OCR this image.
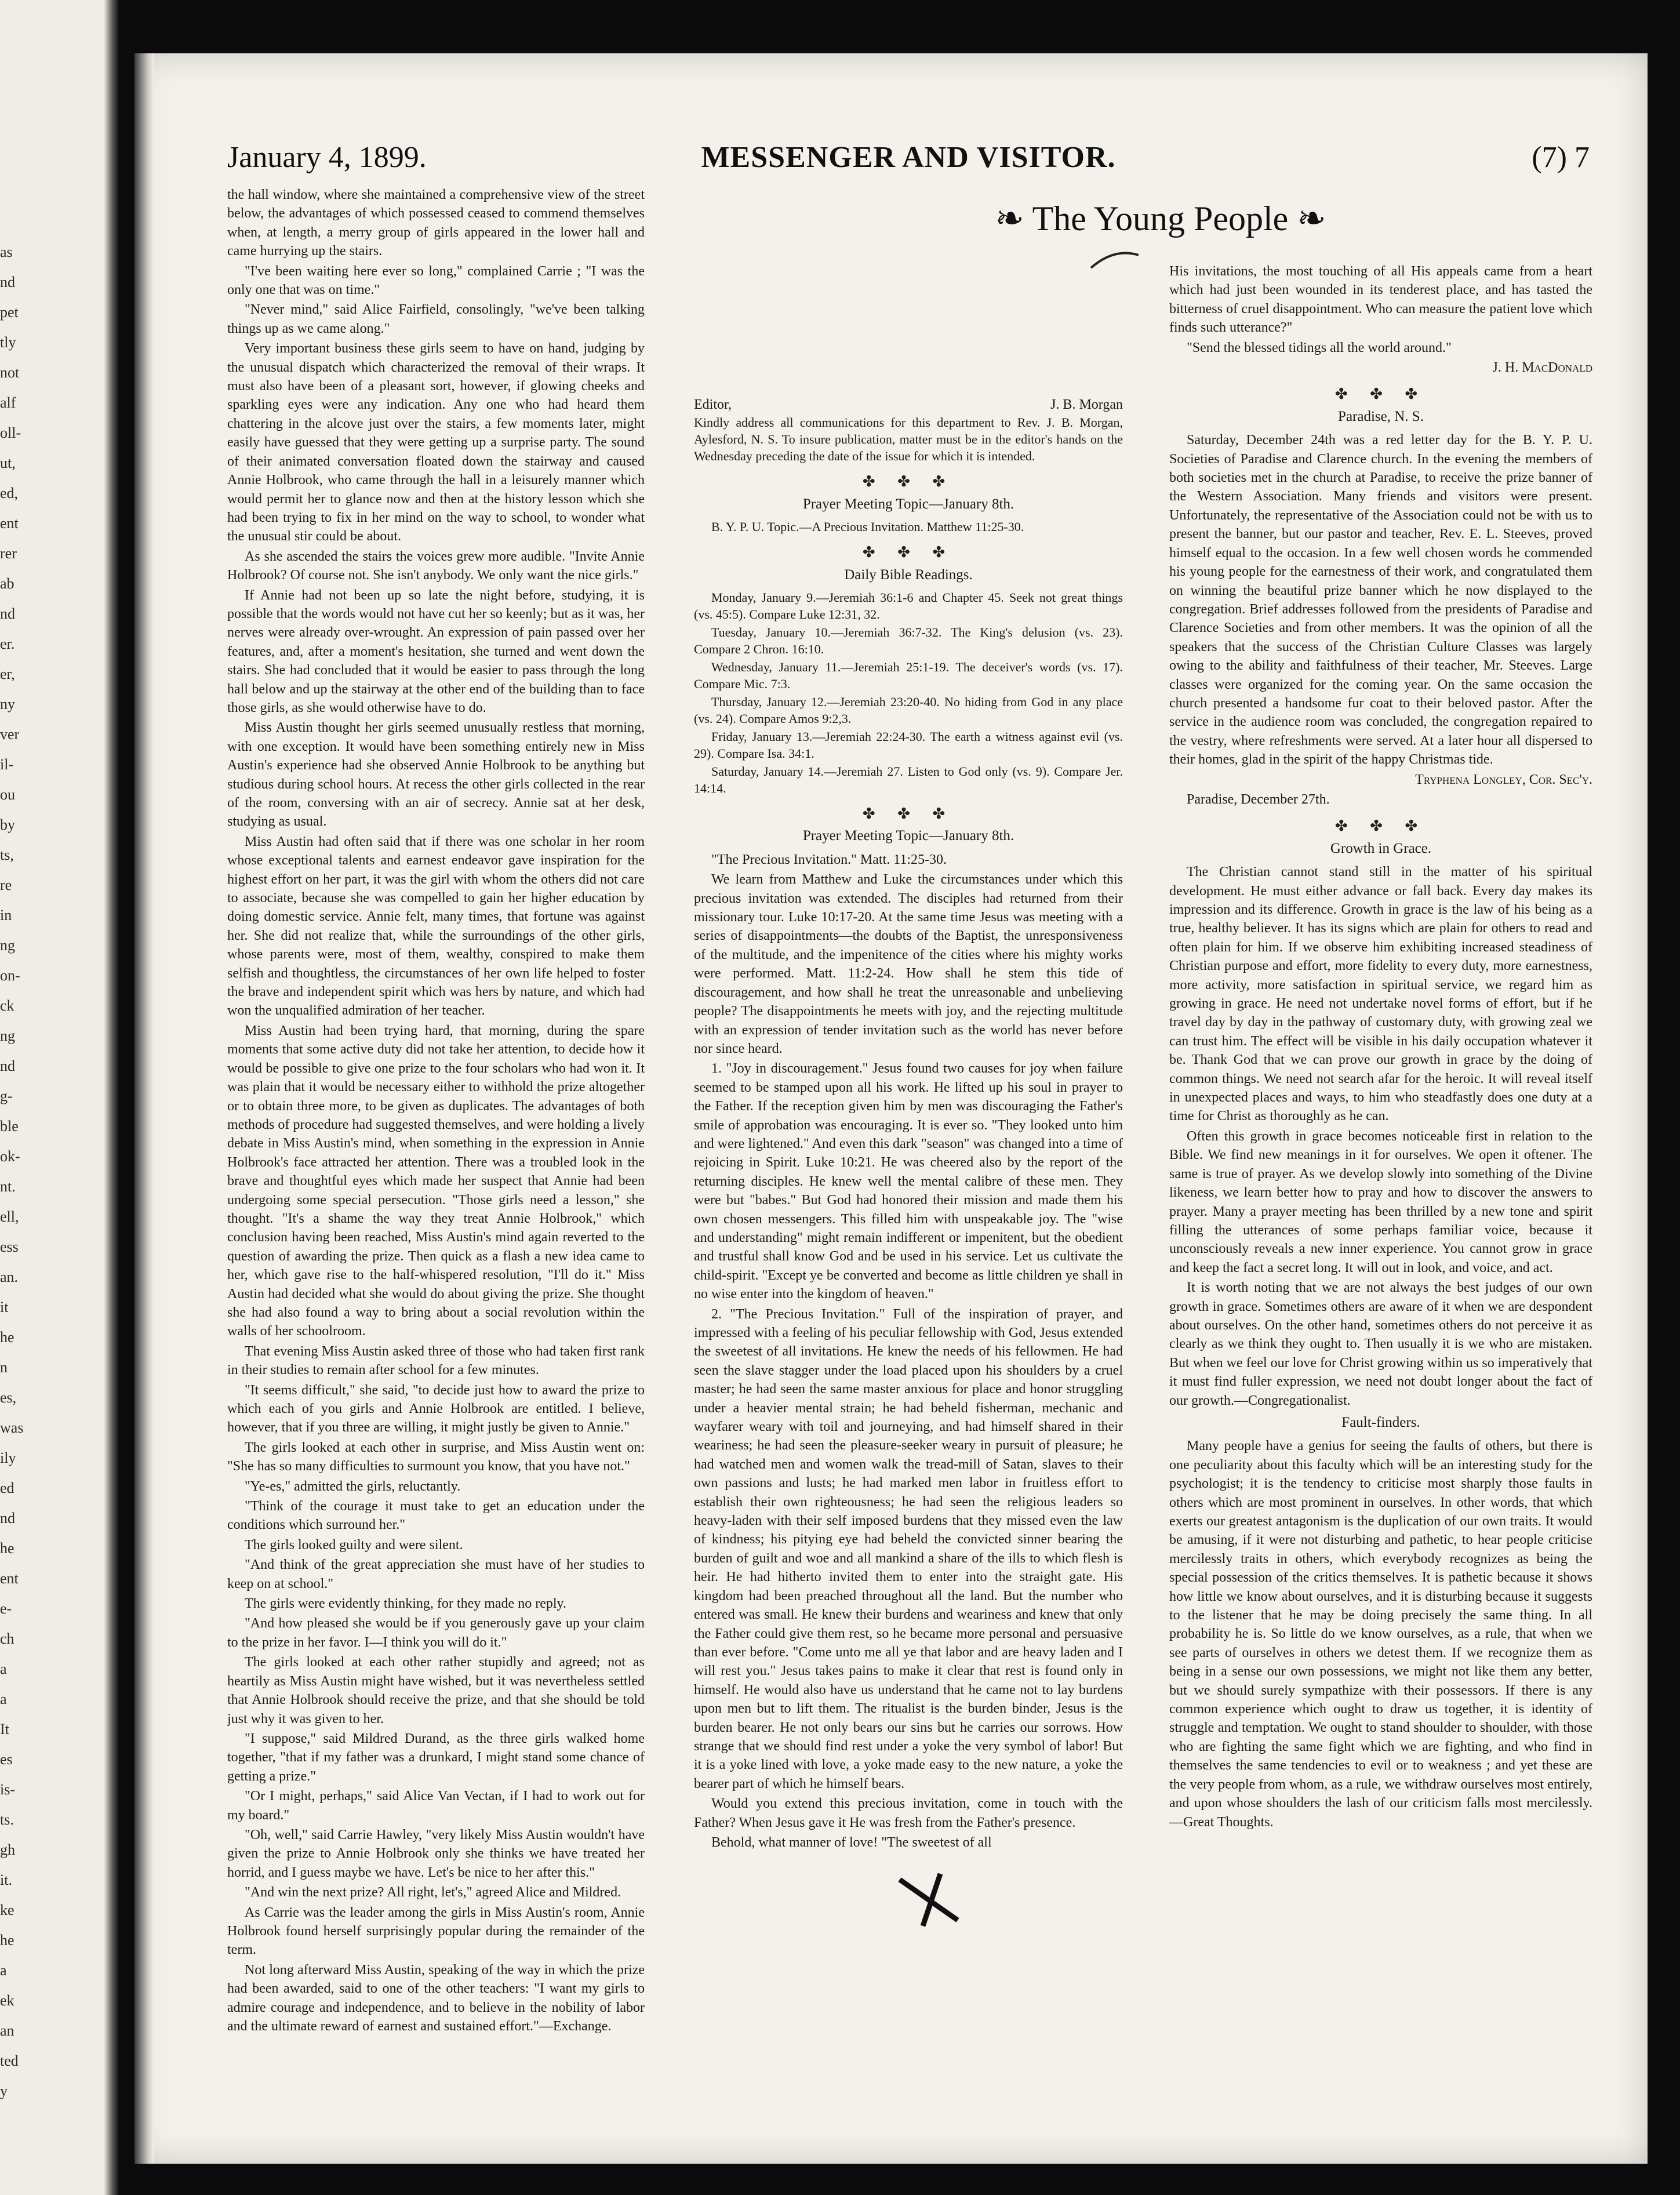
as
nd
pet
tly
not
alf
oll-
ut,
ed,
ent
rer
ab
nd
er.
er,
ny
ver
il-
ou
by
ts,
re
in
ng
on-
ck
ng
nd
g-
ble
ok-
nt.
ell,
ess
an.
it
he
n
es,
was
ily
ed
nd
he
ent
e-
ch
a
a
It
es
is-
ts.
gh
it.
ke
he
a
ek
an
ted
y
January 4, 1899.	MESSENGER AND VISITOR.	(7) 7
❧ The Young People ❧

the hall window, where she maintained a comprehensive view of the street below, the advantages of which possessed ceased to commend themselves when, at length, a merry group of girls appeared in the lower hall and came hurrying up the stairs.

"I've been waiting here ever so long," complained Carrie ; "I was the only one that was on time."

"Never mind," said Alice Fairfield, consolingly, "we've been talking things up as we came along."

Very important business these girls seem to have on hand, judging by the unusual dispatch which characterized the removal of their wraps. It must also have been of a pleasant sort, however, if glowing cheeks and sparkling eyes were any indication. Any one who had heard them chattering in the alcove just over the stairs, a few moments later, might easily have guessed that they were getting up a surprise party. The sound of their animated conversation floated down the stairway and caused Annie Holbrook, who came through the hall in a leisurely manner which would permit her to glance now and then at the history lesson which she had been trying to fix in her mind on the way to school, to wonder what the unusual stir could be about.

As she ascended the stairs the voices grew more audible. "Invite Annie Holbrook? Of course not. She isn't anybody. We only want the nice girls."

If Annie had not been up so late the night before, studying, it is possible that the words would not have cut her so keenly; but as it was, her nerves were already over-wrought. An expression of pain passed over her features, and, after a moment's hesitation, she turned and went down the stairs. She had concluded that it would be easier to pass through the long hall below and up the stairway at the other end of the building than to face those girls, as she would otherwise have to do.

Miss Austin thought her girls seemed unusually restless that morning, with one exception. It would have been something entirely new in Miss Austin's experience had she observed Annie Holbrook to be anything but studious during school hours. At recess the other girls collected in the rear of the room, conversing with an air of secrecy. Annie sat at her desk, studying as usual.

Miss Austin had often said that if there was one scholar in her room whose exceptional talents and earnest endeavor gave inspiration for the highest effort on her part, it was the girl with whom the others did not care to associate, because she was compelled to gain her higher education by doing domestic service. Annie felt, many times, that fortune was against her. She did not realize that, while the surroundings of the other girls, whose parents were, most of them, wealthy, conspired to make them selfish and thoughtless, the circumstances of her own life helped to foster the brave and independent spirit which was hers by nature, and which had won the unqualified admiration of her teacher.

Miss Austin had been trying hard, that morning, during the spare moments that some active duty did not take her attention, to decide how it would be possible to give one prize to the four scholars who had won it. It was plain that it would be necessary either to withhold the prize altogether or to obtain three more, to be given as duplicates. The advantages of both methods of procedure had suggested themselves, and were holding a lively debate in Miss Austin's mind, when something in the expression in Annie Holbrook's face attracted her attention. There was a troubled look in the brave and thoughtful eyes which made her suspect that Annie had been undergoing some special persecution. "Those girls need a lesson," she thought. "It's a shame the way they treat Annie Holbrook," which conclusion having been reached, Miss Austin's mind again reverted to the question of awarding the prize. Then quick as a flash a new idea came to her, which gave rise to the half-whispered resolution, "I'll do it." Miss Austin had decided what she would do about giving the prize. She thought she had also found a way to bring about a social revolution within the walls of her schoolroom.

That evening Miss Austin asked three of those who had taken first rank in their studies to remain after school for a few minutes.

"It seems difficult," she said, "to decide just how to award the prize to which each of you girls and Annie Holbrook are entitled. I believe, however, that if you three are willing, it might justly be given to Annie."

The girls looked at each other in surprise, and Miss Austin went on: "She has so many difficulties to surmount you know, that you have not."

"Ye-es," admitted the girls, reluctantly.

"Think of the courage it must take to get an education under the conditions which surround her."

The girls looked guilty and were silent.

"And think of the great appreciation she must have of her studies to keep on at school."

The girls were evidently thinking, for they made no reply.

"And how pleased she would be if you generously gave up your claim to the prize in her favor. I—I think you will do it."

The girls looked at each other rather stupidly and agreed; not as heartily as Miss Austin might have wished, but it was nevertheless settled that Annie Holbrook should receive the prize, and that she should be told just why it was given to her.

"I suppose," said Mildred Durand, as the three girls walked home together, "that if my father was a drunkard, I might stand some chance of getting a prize."

"Or I might, perhaps," said Alice Van Vectan, if I had to work out for my board."

"Oh, well," said Carrie Hawley, "very likely Miss Austin wouldn't have given the prize to Annie Holbrook only she thinks we have treated her horrid, and I guess maybe we have. Let's be nice to her after this."

"And win the next prize? All right, let's," agreed Alice and Mildred.

As Carrie was the leader among the girls in Miss Austin's room, Annie Holbrook found herself surprisingly popular during the remainder of the term.

Not long afterward Miss Austin, speaking of the way in which the prize had been awarded, said to one of the other teachers: "I want my girls to admire courage and independence, and to believe in the nobility of labor and the ultimate reward of earnest and sustained effort."—Exchange.

Editor,	J. B. Morgan

Kindly address all communications for this department to Rev. J. B. Morgan, Aylesford, N. S. To insure publication, matter must be in the editor's hands on the Wednesday preceding the date of the issue for which it is intended.

✤ ✤ ✤
Prayer Meeting Topic—January 8th.

B. Y. P. U. Topic.—A Precious Invitation. Matthew 11:25-30.

✤ ✤ ✤
Daily Bible Readings.

Monday, January 9.—Jeremiah 36:1-6 and Chapter 45. Seek not great things (vs. 45:5). Compare Luke 12:31, 32.

Tuesday, January 10.—Jeremiah 36:7-32. The King's delusion (vs. 23). Compare 2 Chron. 16:10.

Wednesday, January 11.—Jeremiah 25:1-19. The deceiver's words (vs. 17). Compare Mic. 7:3.

Thursday, January 12.—Jeremiah 23:20-40. No hiding from God in any place (vs. 24). Compare Amos 9:2,3.

Friday, January 13.—Jeremiah 22:24-30. The earth a witness against evil (vs. 29). Compare Isa. 34:1.

Saturday, January 14.—Jeremiah 27. Listen to God only (vs. 9). Compare Jer. 14:14.

✤ ✤ ✤
Prayer Meeting Topic—January 8th.

"The Precious Invitation." Matt. 11:25-30.

We learn from Matthew and Luke the circumstances under which this precious invitation was extended. The disciples had returned from their missionary tour. Luke 10:17-20. At the same time Jesus was meeting with a series of disappointments—the doubts of the Baptist, the unresponsiveness of the multitude, and the impenitence of the cities where his mighty works were performed. Matt. 11:2-24. How shall he stem this tide of discouragement, and how shall he treat the unreasonable and unbelieving people? The disappointments he meets with joy, and the rejecting multitude with an expression of tender invitation such as the world has never before nor since heard.

1. "Joy in discouragement." Jesus found two causes for joy when failure seemed to be stamped upon all his work. He lifted up his soul in prayer to the Father. If the reception given him by men was discouraging the Father's smile of approbation was encouraging. It is ever so. "They looked unto him and were lightened." And even this dark "season" was changed into a time of rejoicing in Spirit. Luke 10:21. He was cheered also by the report of the returning disciples. He knew well the mental calibre of these men. They were but "babes." But God had honored their mission and made them his own chosen messengers. This filled him with unspeakable joy. The "wise and understanding" might remain indifferent or impenitent, but the obedient and trustful shall know God and be used in his service. Let us cultivate the child-spirit. "Except ye be converted and become as little children ye shall in no wise enter into the kingdom of heaven."

2. "The Precious Invitation." Full of the inspiration of prayer, and impressed with a feeling of his peculiar fellowship with God, Jesus extended the sweetest of all invitations. He knew the needs of his fellowmen. He had seen the slave stagger under the load placed upon his shoulders by a cruel master; he had seen the same master anxious for place and honor struggling under a heavier mental strain; he had beheld fisherman, mechanic and wayfarer weary with toil and journeying, and had himself shared in their weariness; he had seen the pleasure-seeker weary in pursuit of pleasure; he had watched men and women walk the tread-mill of Satan, slaves to their own passions and lusts; he had marked men labor in fruitless effort to establish their own righteousness; he had seen the religious leaders so heavy-laden with their self imposed burdens that they missed even the law of kindness; his pitying eye had beheld the convicted sinner bearing the burden of guilt and woe and all mankind a share of the ills to which flesh is heir. He had hitherto invited them to enter into the straight gate. His kingdom had been preached throughout all the land. But the number who entered was small. He knew their burdens and weariness and knew that only the Father could give them rest, so he became more personal and persuasive than ever before. "Come unto me all ye that labor and are heavy laden and I will rest you." Jesus takes pains to make it clear that rest is found only in himself. He would also have us understand that he came not to lay burdens upon men but to lift them. The ritualist is the burden binder, Jesus is the burden bearer. He not only bears our sins but he carries our sorrows. How strange that we should find rest under a yoke the very symbol of labor! But it is a yoke lined with love, a yoke made easy to the new nature, a yoke the bearer part of which he himself bears.

Would you extend this precious invitation, come in touch with the Father? When Jesus gave it He was fresh from the Father's presence.

Behold, what manner of love! "The sweetest of all

His invitations, the most touching of all His appeals came from a heart which had just been wounded in its tenderest place, and has tasted the bitterness of cruel disappointment. Who can measure the patient love which finds such utterance?"

"Send the blessed tidings all the world around."

J. H. MacDonald

✤ ✤ ✤
Paradise, N. S.

Saturday, December 24th was a red letter day for the B. Y. P. U. Societies of Paradise and Clarence church. In the evening the members of both societies met in the church at Paradise, to receive the prize banner of the Western Association. Many friends and visitors were present. Unfortunately, the representative of the Association could not be with us to present the banner, but our pastor and teacher, Rev. E. L. Steeves, proved himself equal to the occasion. In a few well chosen words he commended his young people for the earnestness of their work, and congratulated them on winning the beautiful prize banner which he now displayed to the congregation. Brief addresses followed from the presidents of Paradise and Clarence Societies and from other members. It was the opinion of all the speakers that the success of the Christian Culture Classes was largely owing to the ability and faithfulness of their teacher, Mr. Steeves. Large classes were organized for the coming year. On the same occasion the church presented a handsome fur coat to their beloved pastor. After the service in the audience room was concluded, the congregation repaired to the vestry, where refreshments were served. At a later hour all dispersed to their homes, glad in the spirit of the happy Christmas tide.

Tryphena Longley, Cor. Sec'y.

Paradise, December 27th.

✤ ✤ ✤
Growth in Grace.

The Christian cannot stand still in the matter of his spiritual development. He must either advance or fall back. Every day makes its impression and its difference. Growth in grace is the law of his being as a true, healthy believer. It has its signs which are plain for others to read and often plain for him. If we observe him exhibiting increased steadiness of Christian purpose and effort, more fidelity to every duty, more earnestness, more activity, more satisfaction in spiritual service, we regard him as growing in grace. He need not undertake novel forms of effort, but if he travel day by day in the pathway of customary duty, with growing zeal we can trust him. The effect will be visible in his daily occupation whatever it be. Thank God that we can prove our growth in grace by the doing of common things. We need not search afar for the heroic. It will reveal itself in unexpected places and ways, to him who steadfastly does one duty at a time for Christ as thoroughly as he can.

Often this growth in grace becomes noticeable first in relation to the Bible. We find new meanings in it for ourselves. We open it oftener. The same is true of prayer. As we develop slowly into something of the Divine likeness, we learn better how to pray and how to discover the answers to prayer. Many a prayer meeting has been thrilled by a new tone and spirit filling the utterances of some perhaps familiar voice, because it unconsciously reveals a new inner experience. You cannot grow in grace and keep the fact a secret long. It will out in look, and voice, and act.

It is worth noting that we are not always the best judges of our own growth in grace. Sometimes others are aware of it when we are despondent about ourselves. On the other hand, sometimes others do not perceive it as clearly as we think they ought to. Then usually it is we who are mistaken. But when we feel our love for Christ growing within us so imperatively that it must find fuller expression, we need not doubt longer about the fact of our growth.—Congregationalist.

Fault-finders.

Many people have a genius for seeing the faults of others, but there is one peculiarity about this faculty which will be an interesting study for the psychologist; it is the tendency to criticise most sharply those faults in others which are most prominent in ourselves. In other words, that which exerts our greatest antagonism is the duplication of our own traits. It would be amusing, if it were not disturbing and pathetic, to hear people criticise mercilessly traits in others, which everybody recognizes as being the special possession of the critics themselves. It is pathetic because it shows how little we know about ourselves, and it is disturbing because it suggests to the listener that he may be doing precisely the same thing. In all probability he is. So little do we know ourselves, as a rule, that when we see parts of ourselves in others we detest them. If we recognize them as being in a sense our own possessions, we might not like them any better, but we should surely sympathize with their possessors. If there is any common experience which ought to draw us together, it is identity of struggle and temptation. We ought to stand shoulder to shoulder, with those who are fighting the same fight which we are fighting, and who find in themselves the same tendencies to evil or to weakness ; and yet these are the very people from whom, as a rule, we withdraw ourselves most entirely, and upon whose shoulders the lash of our criticism falls most mercilessly.—Great Thoughts.
